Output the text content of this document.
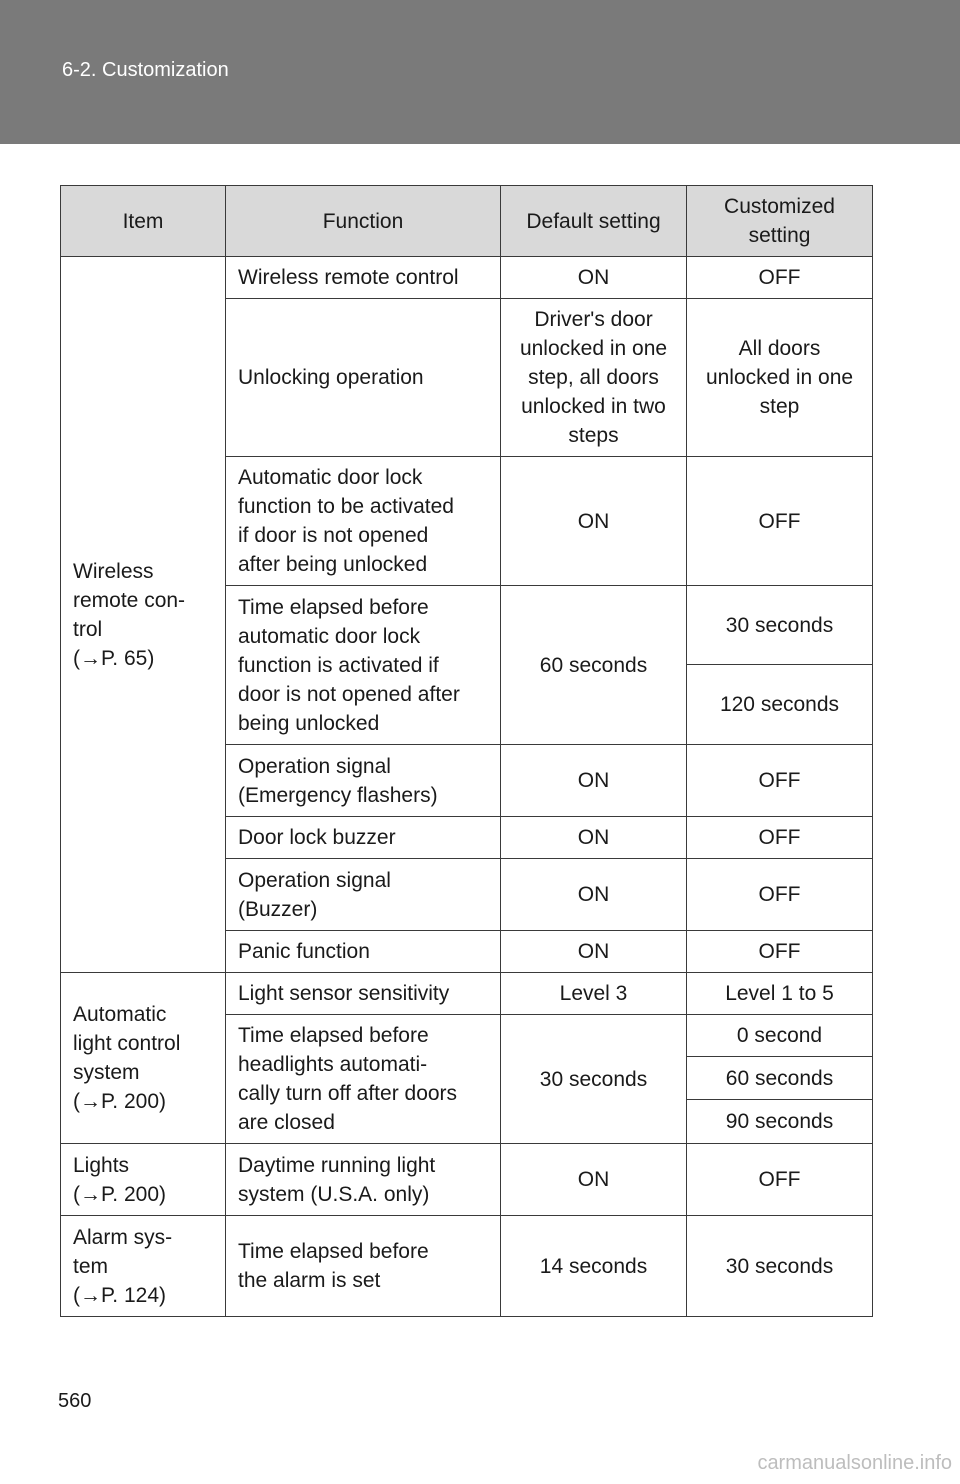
6-2. Customization
Item	Function	Default setting	Customized
setting

Wireless
remote con-
trol
(→P. 65)	Wireless remote control	ON	OFF

	Unlocking operation	Driver's door
unlocked in one
step, all doors
unlocked in two
steps	All doors
unlocked in one
step

	Automatic door lock
function to be activated
if door is not opened
after being unlocked	ON	OFF

	Time elapsed before
automatic door lock
function is activated if
door is not opened after
being unlocked	60 seconds	30 seconds

			120 seconds

	Operation signal
(Emergency flashers)	ON	OFF

	Door lock buzzer	ON	OFF

	Operation signal
(Buzzer)	ON	OFF

	Panic function	ON	OFF

Automatic
light control
system
(→P. 200)	Light sensor sensitivity	Level 3	Level 1 to 5

	Time elapsed before
headlights automati-
cally turn off after doors
are closed	30 seconds	0 second

			60 seconds

			90 seconds

Lights
(→P. 200)	Daytime running light
system (U.S.A. only)	ON	OFF

Alarm sys-
tem
(→P. 124)	Time elapsed before
the alarm is set	14 seconds	30 seconds
560
carmanualsonline.info
